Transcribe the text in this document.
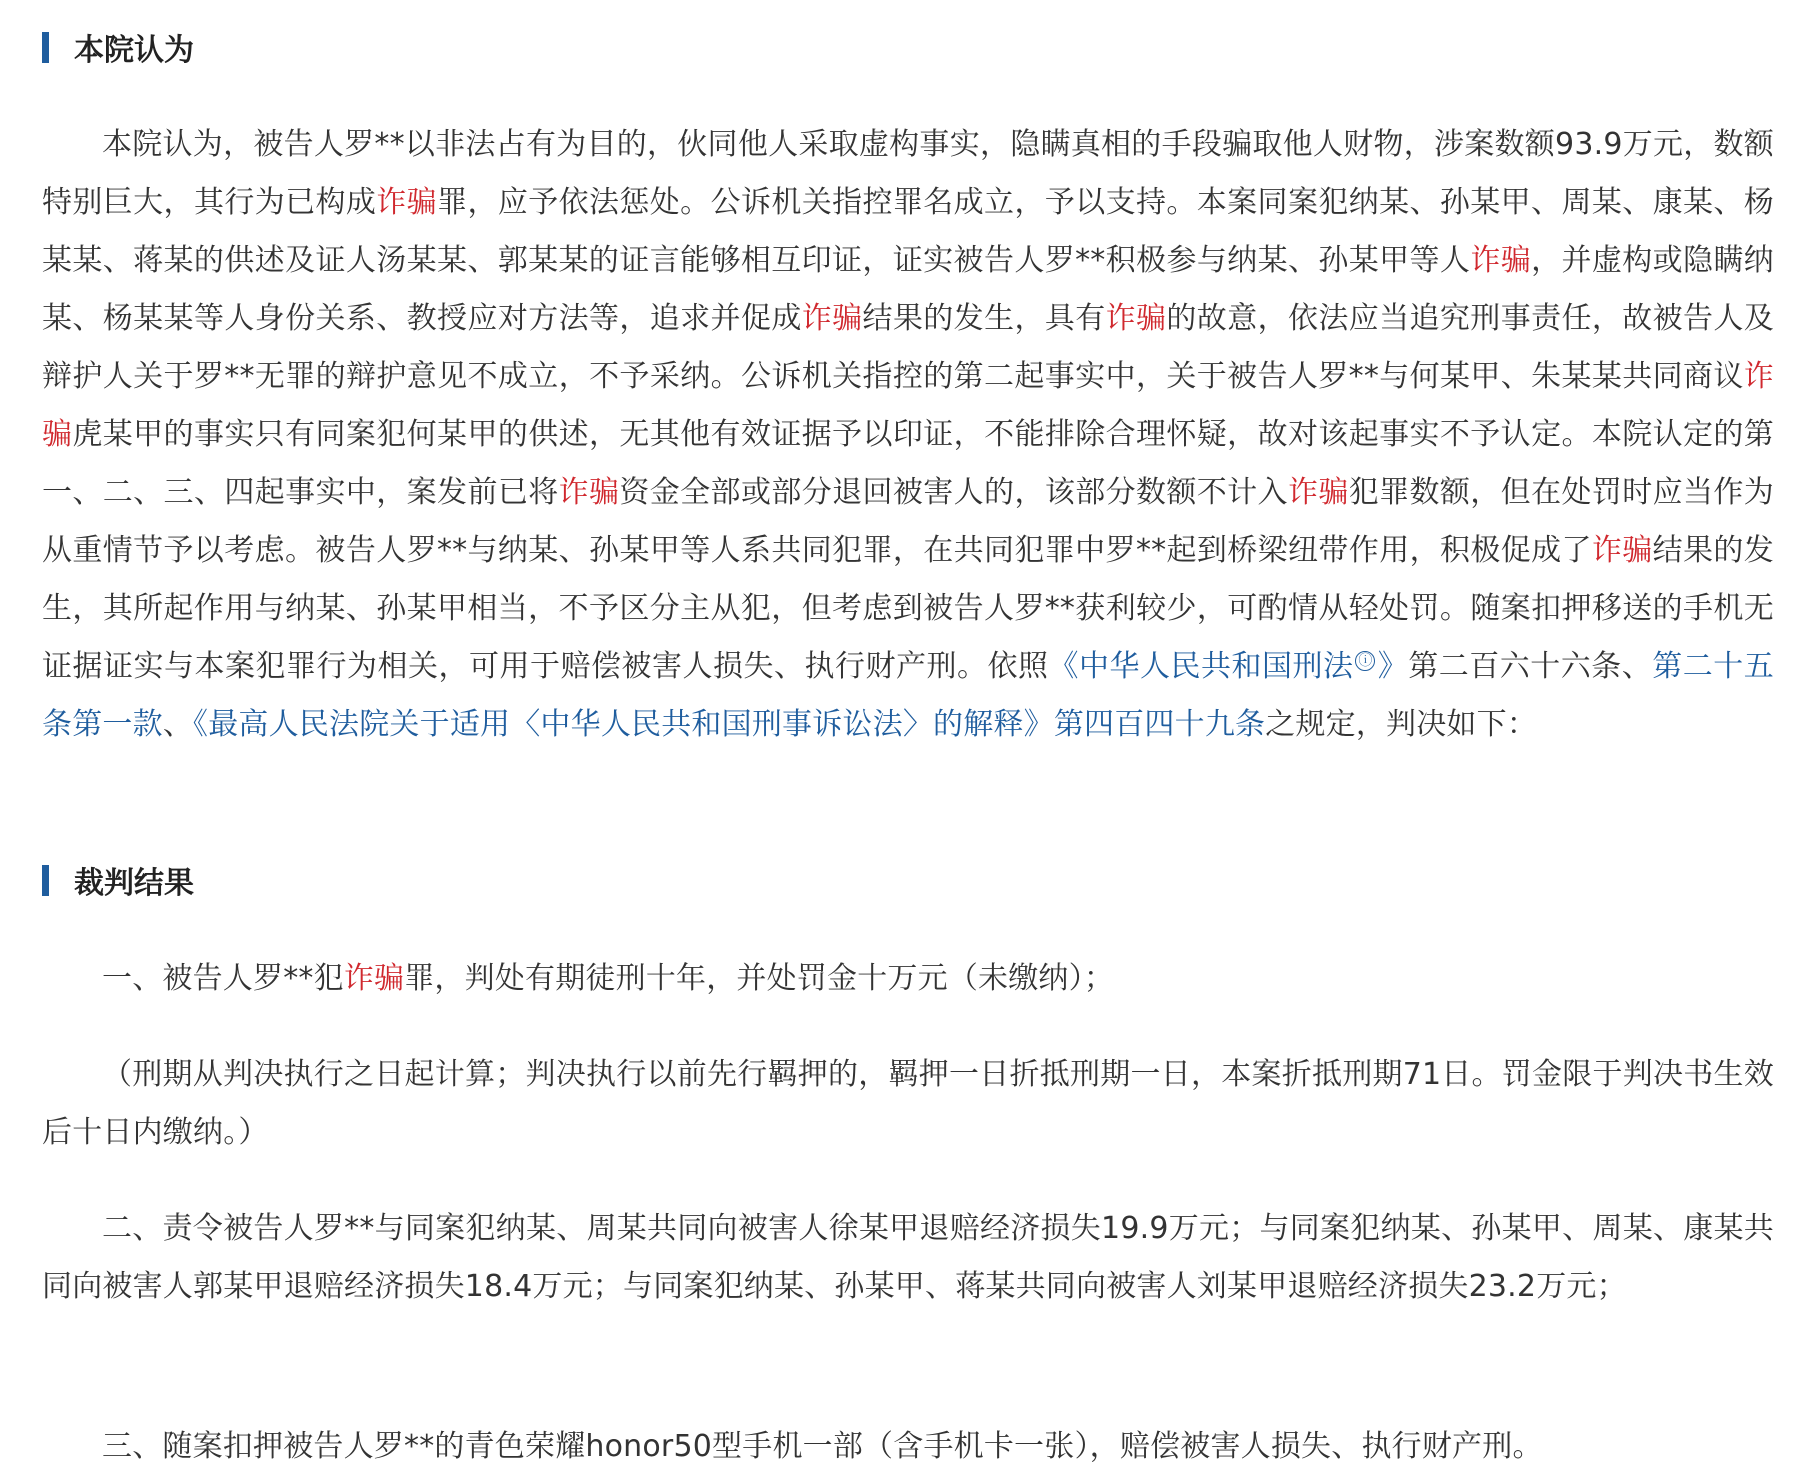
本院认为

本院认为，被告人罗**以非法占有为目的，伙同他人采取虚构事实，隐瞒真相的手段骗取他人财物，涉案数额93.9万元，数额特别巨大，其行为已构成诈骗罪，应予依法惩处。公诉机关指控罪名成立，予以支持。本案同案犯纳某、孙某甲、周某、康某、杨某某、蒋某的供述及证人汤某某、郭某某的证言能够相互印证，证实被告人罗**积极参与纳某、孙某甲等人诈骗，并虚构或隐瞒纳某、杨某某等人身份关系、教授应对方法等，追求并促成诈骗结果的发生，具有诈骗的故意，依法应当追究刑事责任，故被告人及辩护人关于罗**无罪的辩护意见不成立，不予采纳。公诉机关指控的第二起事实中，关于被告人罗**与何某甲、朱某某共同商议诈骗虎某甲的事实只有同案犯何某甲的供述，无其他有效证据予以印证，不能排除合理怀疑，故对该起事实不予认定。本院认定的第一、二、三、四起事实中，案发前已将诈骗资金全部或部分退回被害人的，该部分数额不计入诈骗犯罪数额，但在处罚时应当作为从重情节予以考虑。被告人罗**与纳某、孙某甲等人系共同犯罪，在共同犯罪中罗**起到桥梁纽带作用，积极促成了诈骗结果的发生，其所起作用与纳某、孙某甲相当，不予区分主从犯，但考虑到被告人罗**获利较少，可酌情从轻处罚。随案扣押移送的手机无证据证实与本案犯罪行为相关，可用于赔偿被害人损失、执行财产刑。依照《中华人民共和国刑法 ⓘ 》第二百六十六条、第二十五条第一款、《最高人民法院关于适用〈中华人民共和国刑事诉讼法〉的解释》第四百四十九条之规定，判决如下：

裁判结果

一、被告人罗**犯诈骗罪，判处有期徒刑十年，并处罚金十万元（未缴纳）；

（刑期从判决执行之日起计算；判决执行以前先行羁押的，羁押一日折抵刑期一日，本案折抵刑期71日。罚金限于判决书生效后十日内缴纳。）

二、责令被告人罗**与同案犯纳某、周某共同向被害人徐某甲退赔经济损失19.9万元；与同案犯纳某、孙某甲、周某、康某共同向被害人郭某甲退赔经济损失18.4万元；与同案犯纳某、孙某甲、蒋某共同向被害人刘某甲退赔经济损失23.2万元；

三、随案扣押被告人罗**的青色荣耀honor50型手机一部（含手机卡一张），赔偿被害人损失、执行财产刑。
